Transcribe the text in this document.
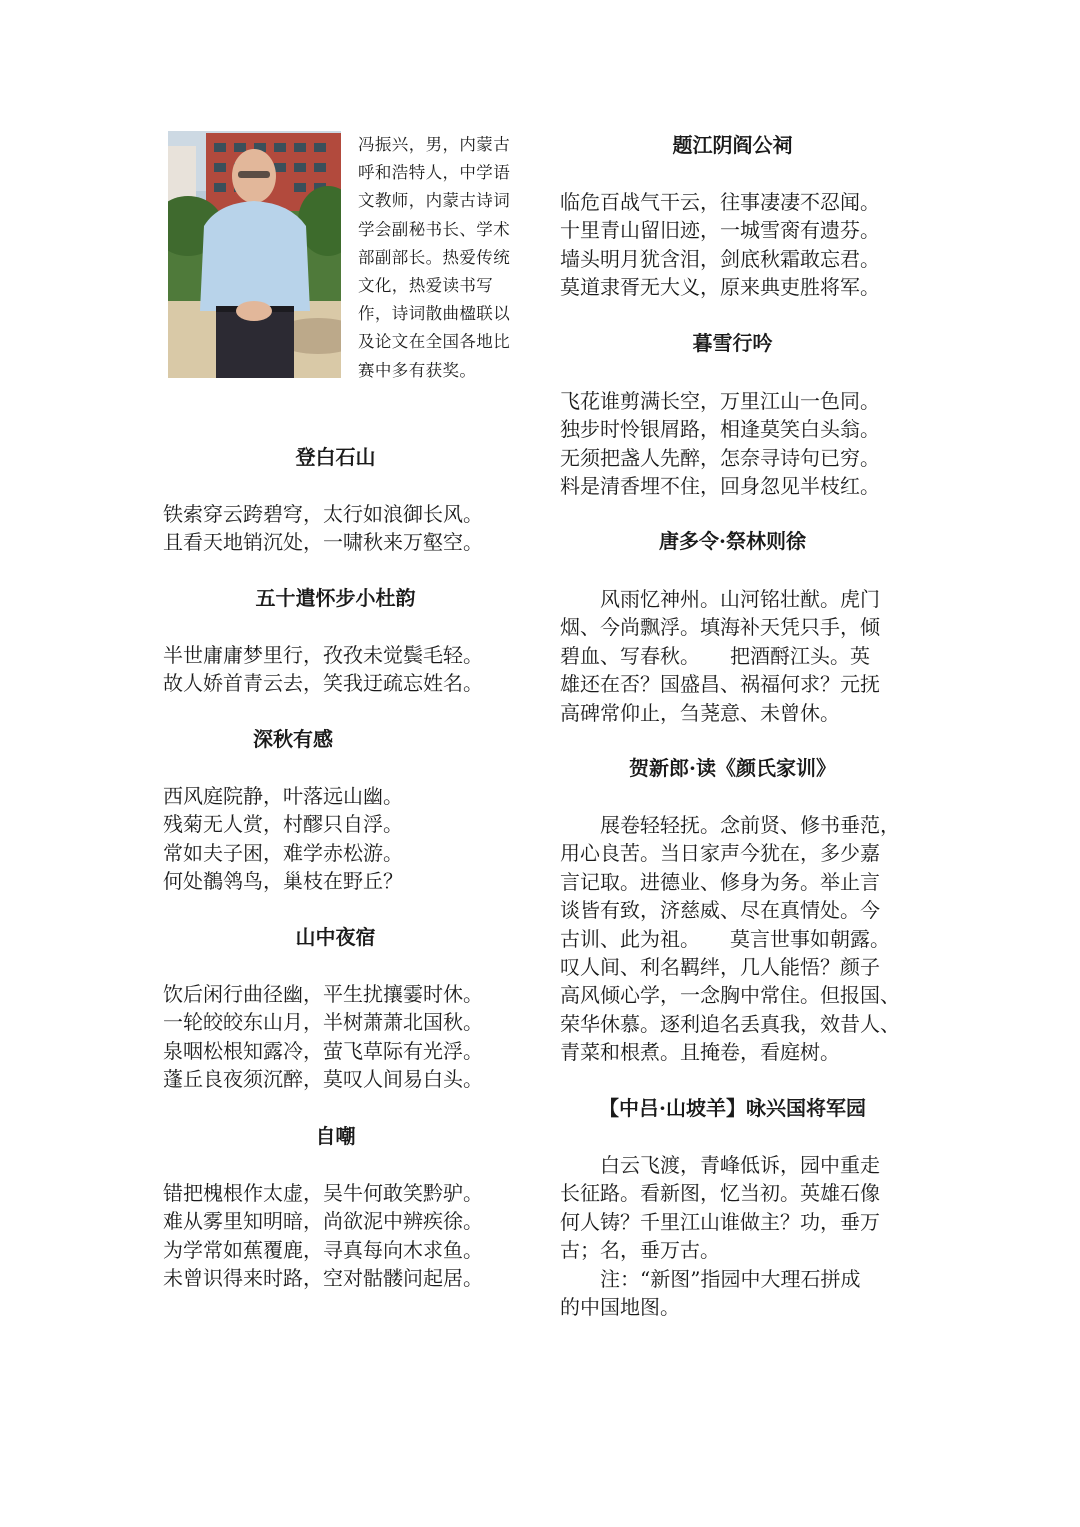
冯振兴，男，内蒙古呼和浩特人，中学语文教师，内蒙古诗词学会副秘书长、学术部副部长。热爱传统文化，热爱读书写作，诗词散曲楹联以及论文在全国各地比赛中多有获奖。
登白石山
铁索穿云跨碧穹，太行如浪御长风。
且看天地销沉处，一啸秋来万壑空。
五十遣怀步小杜韵
半世庸庸梦里行，孜孜未觉鬓毛轻。
故人娇首青云去，笑我迂疏忘姓名。
深秋有感
西风庭院静，叶落远山幽。
残菊无人赏，村醪只自浮。
常如夫子困，难学赤松游。
何处鶺鸰鸟，巢枝在野丘？
山中夜宿
饮后闲行曲径幽，平生扰攘霎时休。
一轮皎皎东山月，半树萧萧北国秋。
泉咽松根知露冷，萤飞草际有光浮。
蓬丘良夜须沉醉，莫叹人间易白头。
自嘲
错把槐根作太虚，吴牛何敢笑黔驴。
难从雾里知明暗，尚欲泥中辨疾徐。
为学常如蕉覆鹿，寻真每向木求鱼。
未曾识得来时路，空对骷髅问起居。
题江阴阎公祠
临危百战气干云，往事凄凄不忍闻。
十里青山留旧迹，一城雪脔有遗芬。
墙头明月犹含泪，剑底秋霜敢忘君。
莫道隶胥无大义，原来典吏胜将军。
暮雪行吟
飞花谁剪满长空，万里江山一色同。
独步时怜银屑路，相逢莫笑白头翁。
无须把盏人先醉，怎奈寻诗句已穷。
料是清香埋不住，回身忽见半枝红。
唐多令·祭林则徐
　　风雨忆神州。山河铭壮猷。虎门
烟、今尚飘浮。填海补天凭只手，倾
碧血、写春秋。　　把酒酹江头。英
雄还在否？国盛昌、祸福何求？元抚
高碑常仰止，刍荛意、未曾休。
贺新郎·读《颜氏家训》
　　展卷轻轻抚。念前贤、修书垂范，
用心良苦。当日家声今犹在，多少嘉
言记取。进德业、修身为务。举止言
谈皆有致，济慈威、尽在真情处。今
古训、此为祖。　　莫言世事如朝露。
叹人间、利名羁绊，几人能悟？颜子
高风倾心学，一念胸中常住。但报国、
荣华休慕。逐利追名丢真我，效昔人、
青菜和根煮。且掩卷，看庭树。
【中吕·山坡羊】咏兴国将军园
　　白云飞渡，青峰低诉，园中重走
长征路。看新图，忆当初。英雄石像
何人铸？千里江山谁做主？功，垂万
古；名，垂万古。
　　注：“新图”指园中大理石拼成
的中国地图。
